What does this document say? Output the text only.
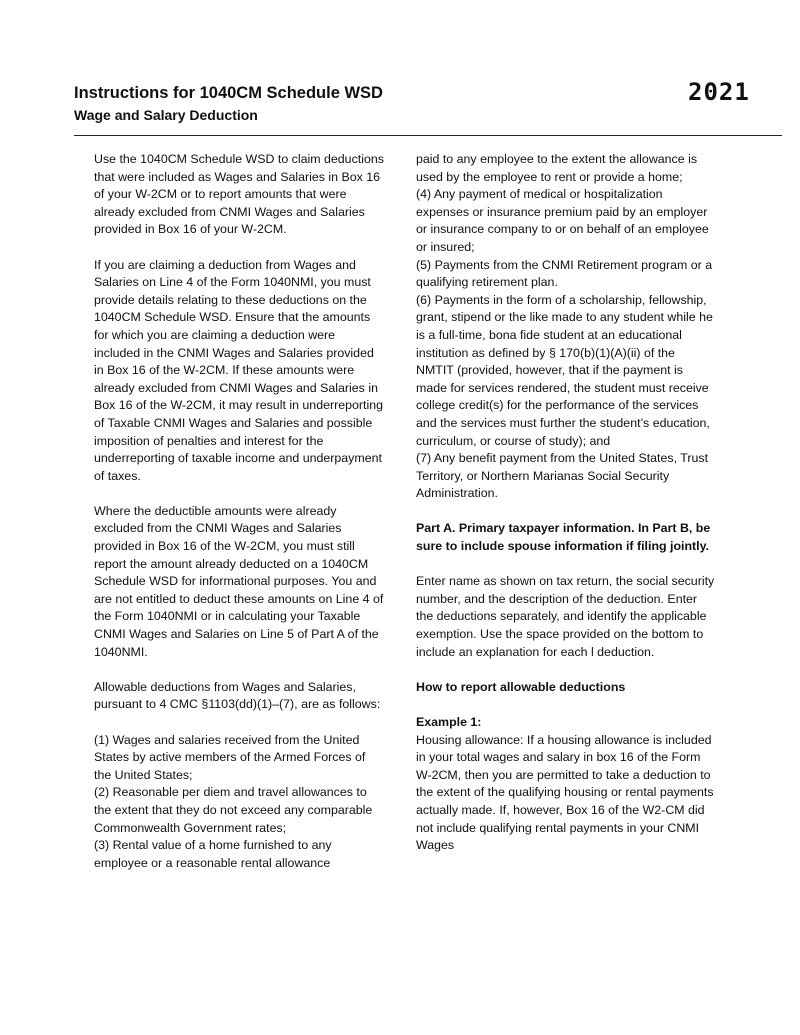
Instructions for 1040CM Schedule WSD
Wage and Salary Deduction
2021

Use the 1040CM Schedule WSD to claim deductions that were included as Wages and Salaries in Box 16 of your W-2CM or to report amounts that were already excluded from CNMI Wages and Salaries provided in Box 16 of your W-2CM.

If you are claiming a deduction from Wages and Salaries on Line 4 of the Form 1040NMI, you must provide details relating to these deductions on the 1040CM Schedule WSD. Ensure that the amounts for which you are claiming a deduction were included in the CNMI Wages and Salaries provided in Box 16 of the W-2CM. If these amounts were already excluded from CNMI Wages and Salaries in Box 16 of the W-2CM, it may result in underreporting of Taxable CNMI Wages and Salaries and possible imposition of penalties and interest for the underreporting of taxable income and underpayment of taxes.

Where the deductible amounts were already excluded from the CNMI Wages and Salaries provided in Box 16 of the W-2CM, you must still report the amount already deducted on a 1040CM Schedule WSD for informational purposes. You and are not entitled to deduct these amounts on Line 4 of the Form 1040NMI or in calculating your Taxable CNMI Wages and Salaries on Line 5 of Part A of the 1040NMI.

Allowable deductions from Wages and Salaries, pursuant to 4 CMC §1103(dd)(1)–(7), are as follows:

(1) Wages and salaries received from the United States by active members of the Armed Forces of the United States;

(2) Reasonable per diem and travel allowances to the extent that they do not exceed any comparable Commonwealth Government rates;

(3) Rental value of a home furnished to any employee or a reasonable rental allowance

paid to any employee to the extent the allowance is used by the employee to rent or provide a home;

(4) Any payment of medical or hospitalization expenses or insurance premium paid by an employer or insurance company to or on behalf of an employee or insured;

(5) Payments from the CNMI Retirement program or a qualifying retirement plan.

(6) Payments in the form of a scholarship, fellowship, grant, stipend or the like made to any student while he is a full-time, bona fide student at an educational institution as defined by § 170(b)(1)(A)(ii) of the NMTIT (provided, however, that if the payment is made for services rendered, the student must receive college credit(s) for the performance of the services and the services must further the student’s education, curriculum, or course of study); and

(7) Any benefit payment from the United States, Trust Territory, or Northern Marianas Social Security Administration.

Part A. Primary taxpayer information. In Part B, be sure to include spouse information if filing jointly.

Enter name as shown on tax return, the social security number, and the description of the deduction. Enter the deductions separately, and identify the applicable exemption. Use the space provided on the bottom to include an explanation for each l deduction.

How to report allowable deductions

Example 1:

Housing allowance: If a housing allowance is included in your total wages and salary in box 16 of the Form W-2CM, then you are permitted to take a deduction to the extent of the qualifying housing or rental payments actually made. If, however, Box 16 of the W2-CM did not include qualifying rental payments in your CNMI Wages
